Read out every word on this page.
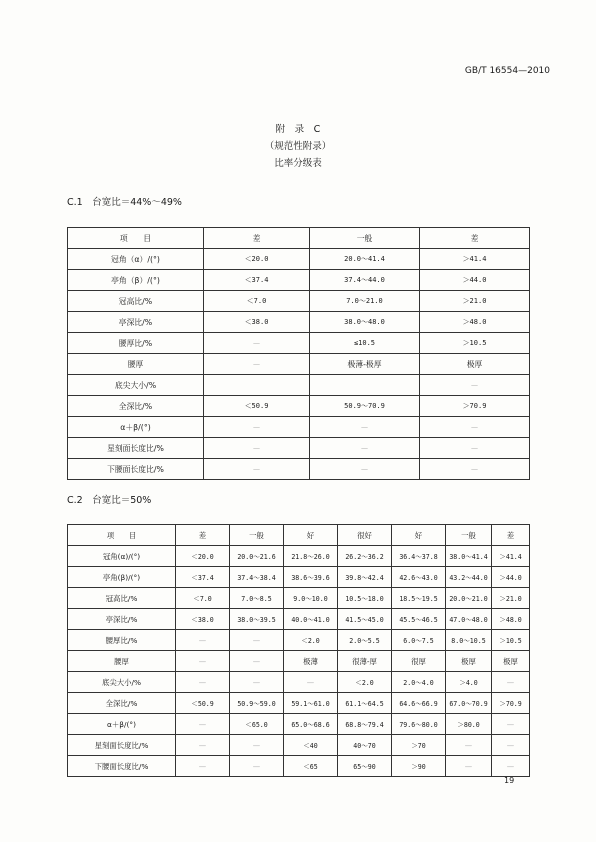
GB/T 16554—2010
附　录　C
（规范性附录）
比率分级表
C.1　台宽比＝44%～49%
项　　目	差	一般	差
冠角（α）/(°)	＜20.0	20.0～41.4	＞41.4
亭角（β）/(°)	＜37.4	37.4～44.0	＞44.0
冠高比/%	＜7.0	7.0～21.0	＞21.0
亭深比/%	＜38.0	38.0～48.0	＞48.0
腰厚比/%	—	≤10.5	＞10.5
腰厚	—	极薄-极厚	极厚
底尖大小/%			—
全深比/%	＜50.9	50.9～70.9	＞70.9
α＋β/(°)	—	—	—
星刻面长度比/%	—	—	—
下腰面长度比/%	—	—	—
C.2　台宽比＝50%
项　　目	差	一般	好	很好	好	一般	差
冠角(α)/(°)	＜20.0	20.0～21.6	21.8～26.0	26.2～36.2	36.4～37.8	38.0～41.4	＞41.4
亭角(β)/(°)	＜37.4	37.4～38.4	38.6～39.6	39.8～42.4	42.6～43.0	43.2～44.0	＞44.0
冠高比/%	＜7.0	7.0～8.5	9.0～10.0	10.5～18.0	18.5～19.5	20.0～21.0	＞21.0
亭深比/%	＜38.0	38.0～39.5	40.0～41.0	41.5～45.0	45.5～46.5	47.0～48.0	＞48.0
腰厚比/%	—	—	＜2.0	2.0～5.5	6.0～7.5	8.0～10.5	＞10.5
腰厚	—	—	极薄	很薄-厚	很厚	极厚	极厚
底尖大小/%	—	—	—	＜2.0	2.0～4.0	＞4.0	—
全深比/%	＜50.9	50.9～59.0	59.1～61.0	61.1～64.5	64.6～66.9	67.0～70.9	＞70.9
α＋β/(°)	—	＜65.0	65.0～68.6	68.8～79.4	79.6～80.0	＞80.0	—
星刻面长度比/%	—	—	＜40	40～70	＞70	—	—
下腰面长度比/%	—	—	＜65	65～90	＞90	—	—
19
